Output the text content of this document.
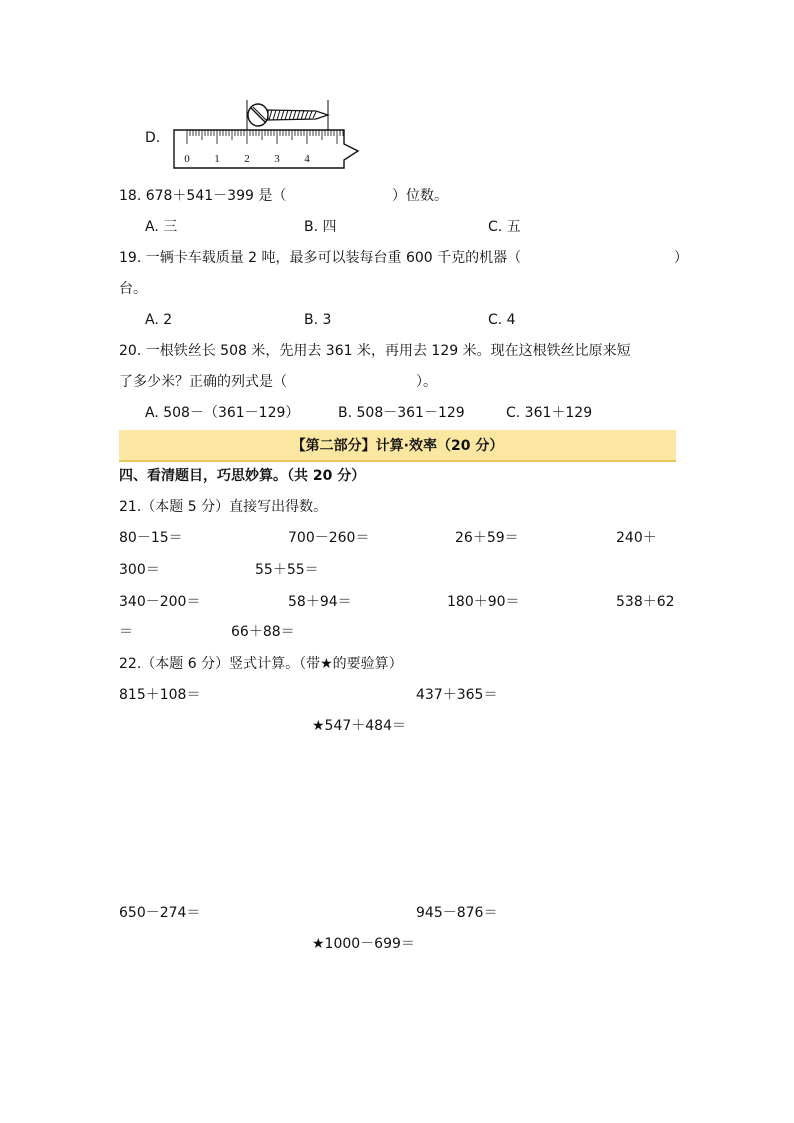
D.
0 1 2 3 4
18. 678＋541－399 是（	）位数。
A. 三	B. 四	C. 五
19. 一辆卡车载质量 2 吨，最多可以装每台重 600 千克的机器（	）
台。
A. 2	B. 3	C. 4
20. 一根铁丝长 508 米，先用去 361 米，再用去 129 米。现在这根铁丝比原来短
了多少米？正确的列式是（	）。
A. 508－（361－129）	B. 508－361－129	C. 361＋129
【第二部分】计算·效率（20 分）
四、看清题目，巧思妙算。（共 20 分）
21.（本题 5 分）直接写出得数。
80－15＝	700－260＝	26＋59＝	240＋
300＝	55＋55＝
340－200＝	58＋94＝	180＋90＝	538＋62
＝	66＋88＝
22.（本题 6 分）竖式计算。（带★的要验算）
815＋108＝	437＋365＝
★547＋484＝
650－274＝	945－876＝
★1000－699＝
